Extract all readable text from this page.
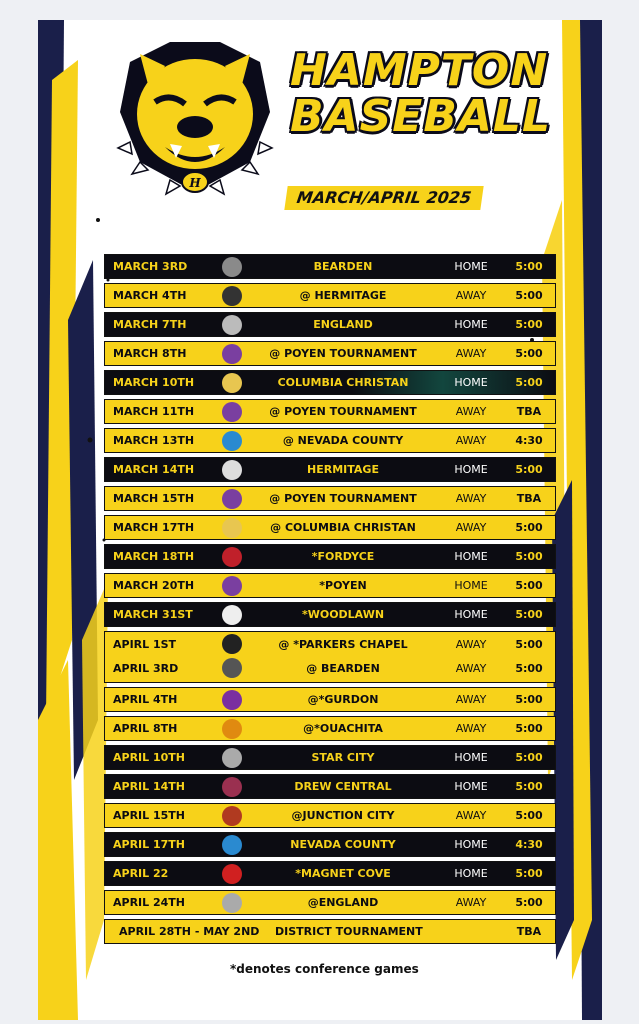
H
HAMPTON
BASEBALL
MARCH/APRIL 2025
MARCH 3RD	BEARDEN	HOME	5:00
MARCH 4TH	@ HERMITAGE	AWAY	5:00
MARCH 7TH	ENGLAND	HOME	5:00
MARCH 8TH	@ POYEN TOURNAMENT	AWAY	5:00
MARCH 10TH	COLUMBIA CHRISTAN	HOME	5:00
MARCH 11TH	@ POYEN TOURNAMENT	AWAY	TBA
MARCH 13TH	@ NEVADA COUNTY	AWAY	4:30
MARCH 14TH	HERMITAGE	HOME	5:00
MARCH 15TH	@ POYEN TOURNAMENT	AWAY	TBA
MARCH 17TH	@ COLUMBIA CHRISTAN	AWAY	5:00
MARCH 18TH	*FORDYCE	HOME	5:00
MARCH 20TH	*POYEN	HOME	5:00
MARCH 31ST	*WOODLAWN	HOME	5:00
APIRL 1ST	@ *PARKERS CHAPEL	AWAY	5:00
APRIL 3RD	@ BEARDEN	AWAY	5:00
APRIL 4TH	@*GURDON	AWAY	5:00
APRIL 8TH	@*OUACHITA	AWAY	5:00
APRIL 10TH	STAR CITY	HOME	5:00
APRIL 14TH	DREW CENTRAL	HOME	5:00
APRIL 15TH	@JUNCTION CITY	AWAY	5:00
APRIL 17TH	NEVADA COUNTY	HOME	4:30
APRIL 22	*MAGNET COVE	HOME	5:00
APRIL 24TH	@ENGLAND	AWAY	5:00
APRIL 28TH - MAY 2ND	DISTRICT TOURNAMENT	TBA
*denotes conference games
